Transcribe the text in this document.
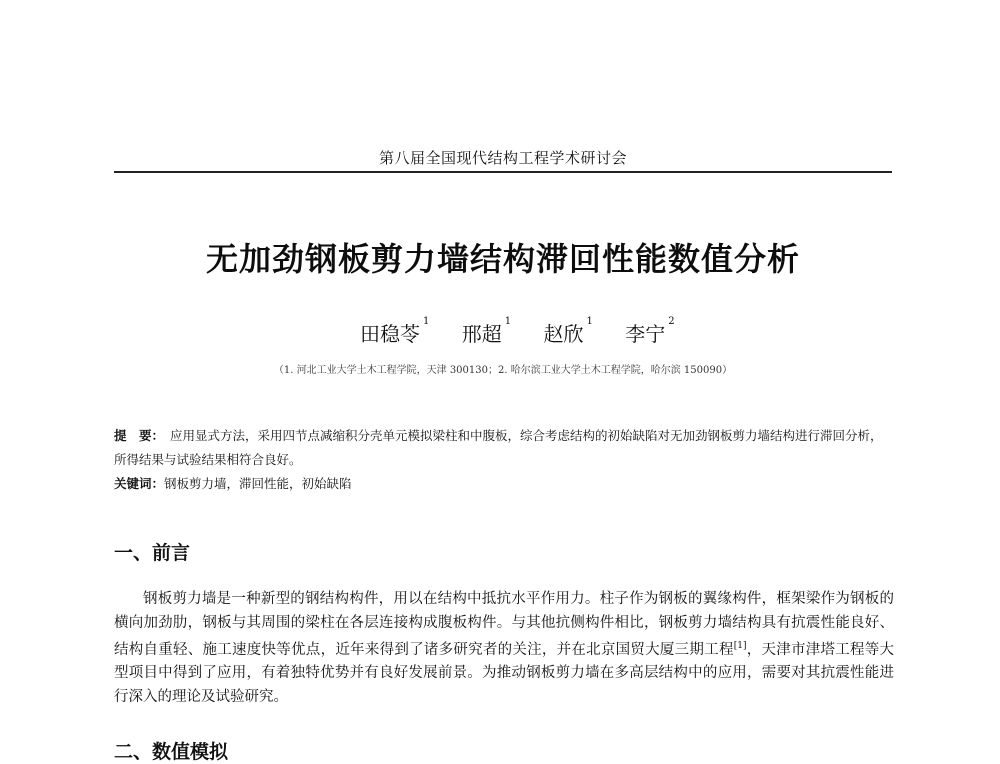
第八届全国现代结构工程学术研讨会
无加劲钢板剪力墙结构滞回性能数值分析
田稳苓$^1$ 邢超$^1$ 赵欣$^1$ 李宁$^2$
（1. 河北工业大学土木工程学院，天津 300130；2. 哈尔滨工业大学土木工程学院，哈尔滨 150090）
提　要： 应用显式方法，采用四节点减缩积分壳单元模拟梁柱和中腹板，综合考虑结构的初始缺陷对无加劲钢板剪力墙结构进行滞回分析，所得结果与试验结果相符合良好。
关键词：钢板剪力墙，滞回性能，初始缺陷
一、前言
钢板剪力墙是一种新型的钢结构构件，用以在结构中抵抗水平作用力。柱子作为钢板的翼缘构件，框架梁作为钢板的横向加劲肋，钢板与其周围的梁柱在各层连接构成腹板构件。与其他抗侧构件相比，钢板剪力墙结构具有抗震性能良好、结构自重轻、施工速度快等优点，近年来得到了诸多研究者的关注，并在北京国贸大厦三期工程[1]，天津市津塔工程等大型项目中得到了应用，有着独特优势并有良好发展前景。为推动钢板剪力墙在多高层结构中的应用，需要对其抗震性能进行深入的理论及试验研究。
二、数值模拟
